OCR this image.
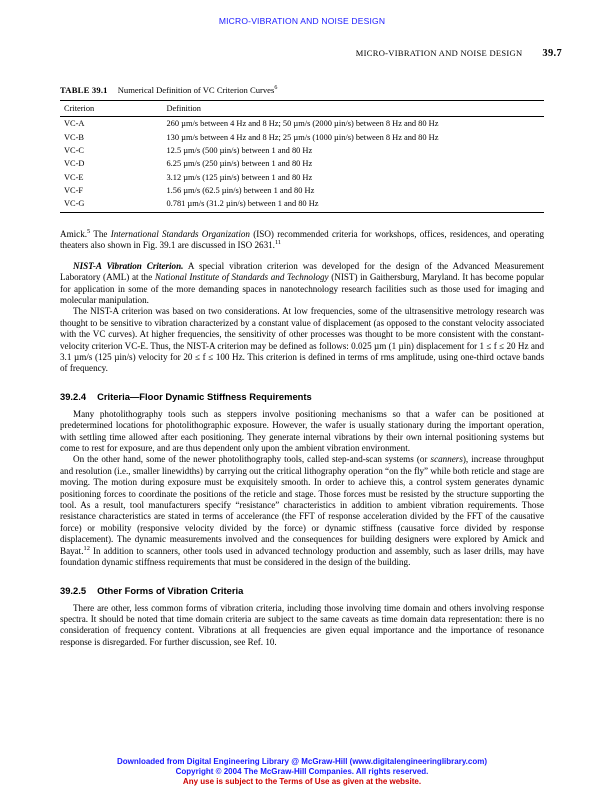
MICRO-VIBRATION AND NOISE DESIGN
MICRO-VIBRATION AND NOISE DESIGN 39.7
TABLE 39.1 Numerical Definition of VC Criterion Curves$^6$
Criterion	Definition
VC-A	260 µm/s between 4 Hz and 8 Hz; 50 µm/s (2000 µin/s) between 8 Hz and 80 Hz
VC-B	130 µm/s between 4 Hz and 8 Hz; 25 µm/s (1000 µin/s) between 8 Hz and 80 Hz
VC-C	12.5 µm/s (500 µin/s) between 1 and 80 Hz
VC-D	6.25 µm/s (250 µin/s) between 1 and 80 Hz
VC-E	3.12 µm/s (125 µin/s) between 1 and 80 Hz
VC-F	1.56 µm/s (62.5 µin/s) between 1 and 80 Hz
VC-G	0.781 µm/s (31.2 µin/s) between 1 and 80 Hz

Amick.$^5$ The International Standards Organization (ISO) recommended criteria for workshops, offices, residences, and operating theaters also shown in Fig. 39.1 are discussed in ISO 2631.11

NIST-A Vibration Criterion. A special vibration criterion was developed for the design of the Advanced Measurement Laboratory (AML) at the National Institute of Standards and Technology (NIST) in Gaithersburg, Maryland. It has become popular for application in some of the more demanding spaces in nanotechnology research facilities such as those used for imaging and molecular manipulation.

The NIST-A criterion was based on two considerations. At low frequencies, some of the ultrasensitive metrology research was thought to be sensitive to vibration characterized by a constant value of displacement (as opposed to the constant velocity associated with the VC curves). At higher frequencies, the sensitivity of other processes was thought to be more consistent with the constant-velocity criterion VC-E. Thus, the NIST-A criterion may be defined as follows: 0.025 µm (1 µin) displacement for 1 ≤ f ≤ 20 Hz and 3.1 µm/s (125 µin/s) velocity for 20 ≤ f ≤ 100 Hz. This criterion is defined in terms of rms amplitude, using one-third octave bands of frequency.

39.2.4 Criteria—Floor Dynamic Stiffness Requirements

Many photolithography tools such as steppers involve positioning mechanisms so that a wafer can be positioned at predetermined locations for photolithographic exposure. However, the wafer is usually stationary during the important operation, with settling time allowed after each positioning. They generate internal vibrations by their own internal positioning systems but come to rest for exposure, and are thus dependent only upon the ambient vibration environment.

On the other hand, some of the newer photolithography tools, called step-and-scan systems (or scanners), increase throughput and resolution (i.e., smaller linewidths) by carrying out the critical lithography operation “on the fly” while both reticle and stage are moving. The motion during exposure must be exquisitely smooth. In order to achieve this, a control system generates dynamic positioning forces to coordinate the positions of the reticle and stage. Those forces must be resisted by the structure supporting the tool. As a result, tool manufacturers specify “resistance” characteristics in addition to ambient vibration requirements. Those resistance characteristics are stated in terms of accelerance (the FFT of response acceleration divided by the FFT of the causative force) or mobility (responsive velocity divided by the force) or dynamic stiffness (causative force divided by response displacement). The dynamic measurements involved and the consequences for building designers were explored by Amick and Bayat.$^{12}$ In addition to scanners, other tools used in advanced technology production and assembly, such as laser drills, may have foundation dynamic stiffness requirements that must be considered in the design of the building.

39.2.5 Other Forms of Vibration Criteria

There are other, less common forms of vibration criteria, including those involving time domain and others involving response spectra. It should be noted that time domain criteria are subject to the same caveats as time domain data representation: there is no consideration of frequency content. Vibrations at all frequencies are given equal importance and the importance of resonance response is disregarded. For further discussion, see Ref. 10.

Downloaded from Digital Engineering Library @ McGraw-Hill (www.digitalengineeringlibrary.com)
Copyright © 2004 The McGraw-Hill Companies. All rights reserved.
Any use is subject to the Terms of Use as given at the website.
